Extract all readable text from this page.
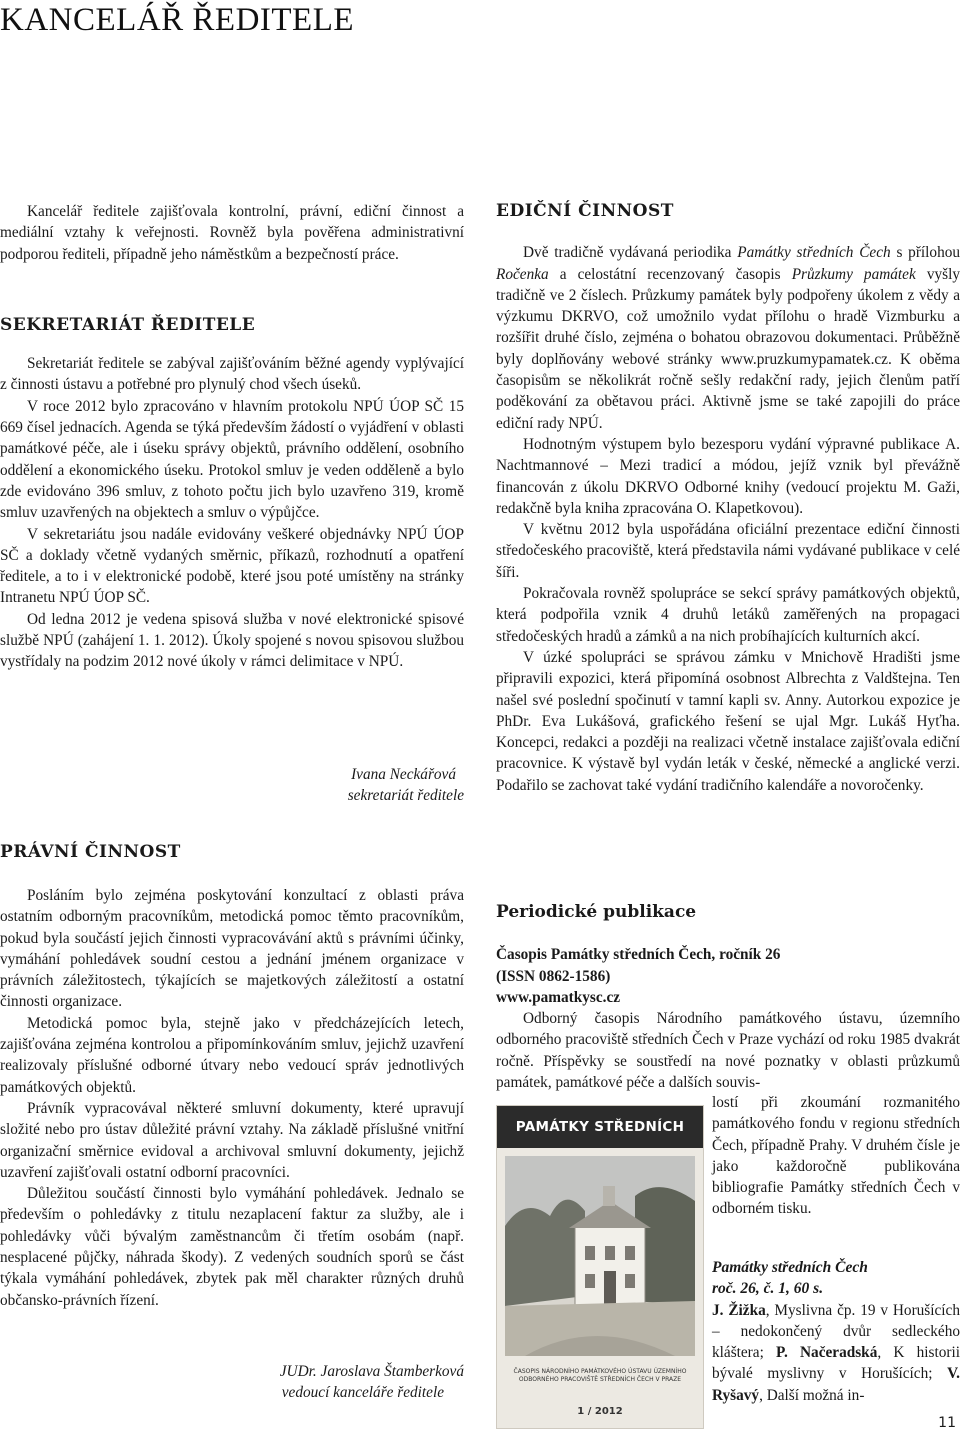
KANCELÁŘ ŘEDITELE

Kancelář ředitele zajišťovala kontrolní, právní, ediční činnost a mediální vztahy k veřejnosti. Rovněž byla pověřena administrativní podporou řediteli, případně jeho náměstkům a bezpečností práce.

SEKRETARIÁT ŘEDITELE

Sekretariát ředitele se zabýval zajišťováním běžné agendy vyplývající z činnosti ústavu a potřebné pro plynulý chod všech úseků.

V roce 2012 bylo zpracováno v hlavním protokolu NPÚ ÚOP SČ 15 669 čísel jednacích. Agenda se týká především žádostí o vyjádření v oblasti památkové péče, ale i úseku správy objektů, právního oddělení, osobního oddělení a ekonomického úseku. Protokol smluv je veden odděleně a bylo zde evidováno 396 smluv, z tohoto počtu jich bylo uzavřeno 319, kromě smluv uzavřených na objektech a smluv o výpůjčce.

V sekretariátu jsou nadále evidovány veškeré objednávky NPÚ ÚOP SČ a doklady včetně vydaných směrnic, příkazů, rozhodnutí a opatření ředitele, a to i v elektronické podobě, které jsou poté umístěny na stránky Intranetu NPÚ ÚOP SČ.

Od ledna 2012 je vedena spisová služba v nové elektronické spisové službě NPÚ (zahájení 1. 1. 2012). Úkoly spojené s novou spisovou službou vystřídaly na podzim 2012 nové úkoly v rámci delimitace v NPÚ.

Ivana Neckářová
sekretariát ředitele
PRÁVNÍ ČINNOST

Posláním bylo zejména poskytování konzultací z oblasti práva ostatním odborným pracovníkům, metodická pomoc těmto pracovníkům, pokud byla součástí jejich činnosti vypracovávání aktů s právními účinky, vymáhání pohledávek soudní cestou a jednání jménem organizace v právních záležitostech, týkajících se majetkových záležitostí a ostatní činnosti organizace.

Metodická pomoc byla, stejně jako v předcházejících letech, zajišťována zejména kontrolou a připomínkováním smluv, jejichž uzavření realizovaly příslušné odborné útvary nebo vedoucí správ jednotlivých památkových objektů.

Právník vypracovával některé smluvní dokumenty, které upravují složité nebo pro ústav důležité právní vztahy. Na základě příslušné vnitřní organizační směrnice evidoval a archivoval smluvní dokumenty, jejichž uzavření zajišťovali ostatní odborní pracovníci.

Důležitou součástí činnosti bylo vymáhání pohledávek. Jednalo se především o pohledávky z titulu nezaplacení faktur za služby, ale i pohledávky vůči bývalým zaměstnancům či třetím osobám (např. nesplacené půjčky, náhrada škody). Z vedených soudních sporů se část týkala vymáhání pohledávek, zbytek pak měl charakter různých druhů občansko-právních řízení.

JUDr. Jaroslava Štamberková
vedoucí kanceláře ředitele
EDIČNÍ ČINNOST

Dvě tradičně vydávaná periodika Památky středních Čech s přílohou Ročenka a celostátní recenzovaný časopis Průzkumy památek vyšly tradičně ve 2 číslech. Průzkumy památek byly podpořeny úkolem z vědy a výzkumu DKRVO, což umožnilo vydat přílohu o hradě Vizmburku a rozšířit druhé číslo, zejména o bohatou obrazovou dokumentaci. Průběžně byly doplňovány webové stránky www.pruzkumypamatek.cz. K oběma časopisům se několikrát ročně sešly redakční rady, jejich členům patří poděkování za obětavou práci. Aktivně jsme se také zapojili do práce ediční rady NPÚ.

Hodnotným výstupem bylo bezesporu vydání výpravné publikace A. Nachtmannové – Mezi tradicí a módou, jejíž vznik byl převážně financován z úkolu DKRVO Odborné knihy (vedoucí projektu M. Gaži, redakčně byla kniha zpracována O. Klapetkovou).

V květnu 2012 byla uspořádána oficiální prezentace ediční činnosti středočeského pracoviště, která představila námi vydávané publikace v celé šíři.

Pokračovala rovněž spolupráce se sekcí správy památkových objektů, která podpořila vznik 4 druhů letáků zaměřených na propagaci středočeských hradů a zámků a na nich probíhajících kulturních akcí.

V úzké spolupráci se správou zámku v Mnichově Hradišti jsme připravili expozici, která připomíná osobnost Albrechta z Valdštejna. Ten našel své poslední spočinutí v tamní kapli sv. Anny. Autorkou expozice je PhDr. Eva Lukášová, grafického řešení se ujal Mgr. Lukáš Hyťha. Koncepci, redakci a později na realizaci včetně instalace zajišťovala ediční pracovnice. K výstavě byl vydán leták v české, německé a anglické verzi. Podařilo se zachovat také vydání tradičního kalendáře a novoročenky.

Periodické publikace
Časopis Památky středních Čech, ročník 26
(ISSN 0862-1586)
www.pamatkysc.cz

Odborný časopis Národního památkového ústavu, územního odborného pracoviště středních Čech v Praze vychází od roku 1985 dvakrát ročně. Příspěvky se soustředí na nové poznatky v oblasti průzkumů památek, památkové péče a dalších souvis-

PAMÁTKY STŘEDNÍCH
ČASOPIS NÁRODNÍHO PAMÁTKOVÉHO ÚSTAVU ÚZEMNÍHO ODBORNÉHO PRACOVIŠTĚ STŘEDNÍCH ČECH V PRAZE
1 / 2012

lostí při zkoumání rozmanitého památkového fondu v regionu středních Čech, případně Prahy. V druhém čísle je jako každoročně publikována bibliografie Památky středních Čech v odborném tisku.

Památky středních Čech
roč. 26, č. 1, 60 s.

J. Žižka, Myslivna čp. 19 v Horušících – nedokončený dvůr sedleckého kláštera; P. Načeradská, K historii bývalé myslivny v Horušících; V. Ryšavý, Další možná in-

11
